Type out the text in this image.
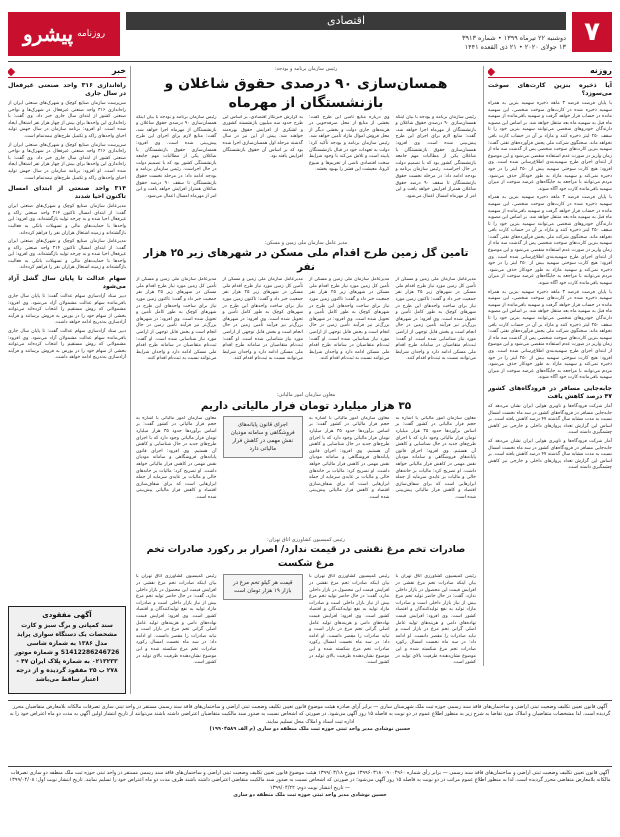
۷
اقتصادی
دوشنبه ۲۲ تیرماه ۱۳۹۹ • شماره ۳۹۱۳
۱۳ جولای ۲۰۲۰ • ۲۱ ذی القعده ۱۴۴۱
روزنامه
پیشرو
روزنه
آیا ذخیره بنزین کارت‌های سوخت می‌سوزد؟

با پایان فرصت قرضه ۳ ماهه ذخیره سهمیه بنزین به همراه سهمیه ذخیره شده در کارت‌های سوخت شخصی، این سهمیه مانده در حساب قرار خواهد گرفت و سهمیه باقی‌مانده از سهمیه ماه قبل به سهمیه ماه بعد منتقل خواهد شد. بر اساس این مصوبه دارندگان خودروهای شخصی می‌توانند سهمیه بنزین خود را تا سقف ۲۵۰ لیتر ذخیره کنند و مازاد بر آن در حساب کارت باقی نخواهد ماند. سخنگوی شرکت ملی پخش فرآورده‌های نفتی گفت: سهمیه بنزین کارت‌های سوخت شخصی پس از گذشت سه ماه از زمان واریز در صورت عدم استفاده منقضی می‌شود و این موضوع از ابتدای اجرای طرح سهمیه‌بندی اطلاع‌رسانی شده است. وی افزود: هیچ کارت سوختی سهمیه بیش از ۲۵۰ لیتر را در خود ذخیره نمی‌کند و سهمیه مازاد به طور خودکار حذف می‌شود. مردم می‌توانند با مراجعه به جایگاه‌های عرضه سوخت از میزان سهمیه باقی‌مانده کارت خود آگاه شوند.

با پایان فرصت قرضه ۳ ماهه ذخیره سهمیه بنزین به همراه سهمیه ذخیره شده در کارت‌های سوخت شخصی، این سهمیه مانده در حساب قرار خواهد گرفت و سهمیه باقی‌مانده از سهمیه ماه قبل به سهمیه ماه بعد منتقل خواهد شد. بر اساس این مصوبه دارندگان خودروهای شخصی می‌توانند سهمیه بنزین خود را تا سقف ۲۵۰ لیتر ذخیره کنند و مازاد بر آن در حساب کارت باقی نخواهد ماند. سخنگوی شرکت ملی پخش فرآورده‌های نفتی گفت: سهمیه بنزین کارت‌های سوخت شخصی پس از گذشت سه ماه از زمان واریز در صورت عدم استفاده منقضی می‌شود و این موضوع از ابتدای اجرای طرح سهمیه‌بندی اطلاع‌رسانی شده است. وی افزود: هیچ کارت سوختی سهمیه بیش از ۲۵۰ لیتر را در خود ذخیره نمی‌کند و سهمیه مازاد به طور خودکار حذف می‌شود. مردم می‌توانند با مراجعه به جایگاه‌های عرضه سوخت از میزان سهمیه باقی‌مانده کارت خود آگاه شوند.

با پایان فرصت قرضه ۳ ماهه ذخیره سهمیه بنزین به همراه سهمیه ذخیره شده در کارت‌های سوخت شخصی، این سهمیه مانده در حساب قرار خواهد گرفت و سهمیه باقی‌مانده از سهمیه ماه قبل به سهمیه ماه بعد منتقل خواهد شد. بر اساس این مصوبه دارندگان خودروهای شخصی می‌توانند سهمیه بنزین خود را تا سقف ۲۵۰ لیتر ذخیره کنند و مازاد بر آن در حساب کارت باقی نخواهد ماند. سخنگوی شرکت ملی پخش فرآورده‌های نفتی گفت: سهمیه بنزین کارت‌های سوخت شخصی پس از گذشت سه ماه از زمان واریز در صورت عدم استفاده منقضی می‌شود و این موضوع از ابتدای اجرای طرح سهمیه‌بندی اطلاع‌رسانی شده است. وی افزود: هیچ کارت سوختی سهمیه بیش از ۲۵۰ لیتر را در خود ذخیره نمی‌کند و سهمیه مازاد به طور خودکار حذف می‌شود. مردم می‌توانند با مراجعه به جایگاه‌های عرضه سوخت از میزان سهمیه باقی‌مانده کارت خود آگاه شوند.

جابه‌جایی مسافر در فرودگاه‌های کشور ۴۷ درصد کاهش یافت

آمار شرکت فرودگاه‌ها و ناوبری هوایی ایران نشان می‌دهد که جابه‌جایی مسافر در فرودگاه‌های کشور در سه ماه نخست امسال نسبت به مدت مشابه سال گذشته ۴۷ درصد کاهش یافته است. بر اساس این گزارش تعداد پروازهای داخلی و خارجی نیز کاهش چشمگیری داشته است.

آمار شرکت فرودگاه‌ها و ناوبری هوایی ایران نشان می‌دهد که جابه‌جایی مسافر در فرودگاه‌های کشور در سه ماه نخست امسال نسبت به مدت مشابه سال گذشته ۴۷ درصد کاهش یافته است. بر اساس این گزارش تعداد پروازهای داخلی و خارجی نیز کاهش چشمگیری داشته است.

خبر
راه‌اندازی ۳۱۶ واحد صنعتی غیرفعال در سال جاری

سرپرست سازمان صنایع کوچک و شهرک‌های صنعتی ایران از راه‌اندازی ۳۱۶ واحد صنعتی غیرفعال در شهرک‌ها و نواحی صنعتی کشور از ابتدای سال جاری خبر داد. وی گفت: با راه‌اندازی این واحدها برای بیش از چهار هزار نفر اشتغال ایجاد شده است. او افزود: برنامه سازمان در سال جهش تولید احیای واحدهای راکد و تکمیل طرح‌های نیمه‌تمام است.

سرپرست سازمان صنایع کوچک و شهرک‌های صنعتی ایران از راه‌اندازی ۳۱۶ واحد صنعتی غیرفعال در شهرک‌ها و نواحی صنعتی کشور از ابتدای سال جاری خبر داد. وی گفت: با راه‌اندازی این واحدها برای بیش از چهار هزار نفر اشتغال ایجاد شده است. او افزود: برنامه سازمان در سال جهش تولید احیای واحدهای راکد و تکمیل طرح‌های نیمه‌تمام است.

۳۱۴ واحد صنعتی از ابتدای امسال تاکنون احیا شدند

مدیرعامل سازمان صنایع کوچک و شهرک‌های صنعتی ایران گفت: از ابتدای امسال تاکنون ۳۱۴ واحد صنعتی راکد و غیرفعال احیا شده و به چرخه تولید بازگشته‌اند. وی افزود: این واحدها با حمایت‌های مالی و تسهیلات بانکی به فعالیت بازگشته‌اند و زمینه اشتغال هزاران نفر را فراهم کرده‌اند.

مدیرعامل سازمان صنایع کوچک و شهرک‌های صنعتی ایران گفت: از ابتدای امسال تاکنون ۳۱۴ واحد صنعتی راکد و غیرفعال احیا شده و به چرخه تولید بازگشته‌اند. وی افزود: این واحدها با حمایت‌های مالی و تسهیلات بانکی به فعالیت بازگشته‌اند و زمینه اشتغال هزاران نفر را فراهم کرده‌اند.

سهام عدالت تا پایان سال گشل آزاد می‌شود

دبیر ستاد آزادسازی سهام عدالت گفت: تا پایان سال جاری باقی‌مانده سهام عدالت مشمولان آزاد می‌شود. وی افزود: مشمولانی که روش مستقیم را انتخاب کرده‌اند می‌توانند بخشی از سهام خود را در بورس به فروش برسانند و فرآیند آزادسازی به‌تدریج ادامه خواهد داشت.

دبیر ستاد آزادسازی سهام عدالت گفت: تا پایان سال جاری باقی‌مانده سهام عدالت مشمولان آزاد می‌شود. وی افزود: مشمولانی که روش مستقیم را انتخاب کرده‌اند می‌توانند بخشی از سهام خود را در بورس به فروش برسانند و فرآیند آزادسازی به‌تدریج ادامه خواهد داشت.

آگهی مفقودی
سند کمپانی و برگ سبز و کارت مشخصات یک دستگاه سواری پراید مدل ۱۳۸۶ به شماره شاسی S1412286246726 و شماره موتور ۰۲۱۳۲۳۳ به شماره پلاک ایران ۴۷ - ۲۷۸ ب ۲۵ مفقود گردیده و از درجه اعتبار ساقط می‌باشد
رئیس سازمان برنامه و بودجه:
همسان‌سازی ۹۰ درصدی حقوق شاغلان و بازنشستگان از مهرماه
رئیس سازمان برنامه و بودجه با بیان اینکه همسان‌سازی ۹۰ درصدی حقوق شاغلان و بازنشستگان از مهرماه اجرا خواهد شد، گفت: منابع لازم برای اجرای این طرح پیش‌بینی شده است. وی افزود: همسان‌سازی حقوق بازنشستگان با شاغلان یکی از مطالبات مهم جامعه بازنشستگی کشور بود که با تصمیم دولت در حال اجراست. رئیس سازمان برنامه و بودجه ادامه داد: در مرحله نخست حقوق بازنشستگان تا سقف ۹۰ درصد حقوق شاغلان همتراز افزایش خواهد یافت و این امر از مهرماه امسال اعمال می‌شود.
وی درباره منابع تأمین این طرح گفت: بخشی از منابع از محل صرفه‌جویی در هزینه‌های جاری دولت و بخشی دیگر از محل فروش اموال مازاد تأمین خواهد شد. رئیس سازمان برنامه و بودجه تأکید کرد: دولت به تعهدات خود در قبال بازنشستگان پایبند است و تلاش می‌کند با وجود شرایط سخت اقتصادی ناشی از تحریم‌ها و شیوع کرونا، معیشت این قشر را بهبود بخشد.
به گزارش خبرنگار اقتصادی، بر اساس این طرح حدود سه میلیون بازنشسته کشوری و لشکری از افزایش حقوق بهره‌مند خواهند شد. پیش از این نیز در سال گذشته مرحله اول همسان‌سازی اجرا شده بود که بر اساس آن حقوق بازنشستگان افزایش یافته بود.
رئیس سازمان برنامه و بودجه با بیان اینکه همسان‌سازی ۹۰ درصدی حقوق شاغلان و بازنشستگان از مهرماه اجرا خواهد شد، گفت: منابع لازم برای اجرای این طرح پیش‌بینی شده است. وی افزود: همسان‌سازی حقوق بازنشستگان با شاغلان یکی از مطالبات مهم جامعه بازنشستگی کشور بود که با تصمیم دولت در حال اجراست. رئیس سازمان برنامه و بودجه ادامه داد: در مرحله نخست حقوق بازنشستگان تا سقف ۹۰ درصد حقوق شاغلان همتراز افزایش خواهد یافت و این امر از مهرماه امسال اعمال می‌شود.
مدیر عامل سازمان ملی زمین و مسکن:
تامین گل زمین طرح اقدام ملی مسکن در شهرهای زیر ۲۵ هزار نفر
مدیرعامل سازمان ملی زمین و مسکن از تأمین کل زمین مورد نیاز طرح اقدام ملی مسکن در شهرهای زیر ۲۵ هزار نفر جمعیت خبر داد و گفت: تاکنون زمین مورد نیاز برای ساخت واحدهای این طرح در شهرهای کوچک به طور کامل تأمین و تحویل شده است. وی افزود: در شهرهای بزرگ‌تر نیز فرآیند تأمین زمین در حال انجام است و بخش قابل توجهی از اراضی مورد نیاز شناسایی شده است. او گفت: ثبت‌نام متقاضیان در سامانه طرح اقدام ملی مسکن ادامه دارد و واجدان شرایط می‌توانند نسبت به ثبت‌نام اقدام کنند.
مدیرعامل سازمان ملی زمین و مسکن از تأمین کل زمین مورد نیاز طرح اقدام ملی مسکن در شهرهای زیر ۲۵ هزار نفر جمعیت خبر داد و گفت: تاکنون زمین مورد نیاز برای ساخت واحدهای این طرح در شهرهای کوچک به طور کامل تأمین و تحویل شده است. وی افزود: در شهرهای بزرگ‌تر نیز فرآیند تأمین زمین در حال انجام است و بخش قابل توجهی از اراضی مورد نیاز شناسایی شده است. او گفت: ثبت‌نام متقاضیان در سامانه طرح اقدام ملی مسکن ادامه دارد و واجدان شرایط می‌توانند نسبت به ثبت‌نام اقدام کنند.
مدیرعامل سازمان ملی زمین و مسکن از تأمین کل زمین مورد نیاز طرح اقدام ملی مسکن در شهرهای زیر ۲۵ هزار نفر جمعیت خبر داد و گفت: تاکنون زمین مورد نیاز برای ساخت واحدهای این طرح در شهرهای کوچک به طور کامل تأمین و تحویل شده است. وی افزود: در شهرهای بزرگ‌تر نیز فرآیند تأمین زمین در حال انجام است و بخش قابل توجهی از اراضی مورد نیاز شناسایی شده است. او گفت: ثبت‌نام متقاضیان در سامانه طرح اقدام ملی مسکن ادامه دارد و واجدان شرایط می‌توانند نسبت به ثبت‌نام اقدام کنند.
مدیرعامل سازمان ملی زمین و مسکن از تأمین کل زمین مورد نیاز طرح اقدام ملی مسکن در شهرهای زیر ۲۵ هزار نفر جمعیت خبر داد و گفت: تاکنون زمین مورد نیاز برای ساخت واحدهای این طرح در شهرهای کوچک به طور کامل تأمین و تحویل شده است. وی افزود: در شهرهای بزرگ‌تر نیز فرآیند تأمین زمین در حال انجام است و بخش قابل توجهی از اراضی مورد نیاز شناسایی شده است. او گفت: ثبت‌نام متقاضیان در سامانه طرح اقدام ملی مسکن ادامه دارد و واجدان شرایط می‌توانند نسبت به ثبت‌نام اقدام کنند.
معاون سازمان امور مالیاتی:
۳۵ هزار میلیارد تومان فرار مالیاتی داریم
معاون سازمان امور مالیاتی با اشاره به حجم فرار مالیاتی در کشور گفت: بر اساس برآوردها حدود ۳۵ هزار میلیارد تومان فرار مالیاتی وجود دارد که با اجرای طرح‌های جدید در حال شناسایی و کاهش آن هستیم. وی افزود: اجرای قانون پایانه‌های فروشگاهی و سامانه مودیان نقش مهمی در کاهش فرار مالیاتی خواهد داشت. او تصریح کرد: مالیات بر خانه‌های خالی و مالیات بر عایدی سرمایه از جمله ابزارهایی است که برای شفاف‌سازی اقتصاد و کاهش فرار مالیاتی پیش‌بینی شده است.
معاون سازمان امور مالیاتی با اشاره به حجم فرار مالیاتی در کشور گفت: بر اساس برآوردها حدود ۳۵ هزار میلیارد تومان فرار مالیاتی وجود دارد که با اجرای طرح‌های جدید در حال شناسایی و کاهش آن هستیم. وی افزود: اجرای قانون پایانه‌های فروشگاهی و سامانه مودیان نقش مهمی در کاهش فرار مالیاتی خواهد داشت. او تصریح کرد: مالیات بر خانه‌های خالی و مالیات بر عایدی سرمایه از جمله ابزارهایی است که برای شفاف‌سازی اقتصاد و کاهش فرار مالیاتی پیش‌بینی شده است.
اجرای قانون پایانه‌های فروشگاهی و سامانه مودیان نقش مهمی در کاهش فرار مالیاتی دارد
معاون سازمان امور مالیاتی با اشاره به حجم فرار مالیاتی در کشور گفت: بر اساس برآوردها حدود ۳۵ هزار میلیارد تومان فرار مالیاتی وجود دارد که با اجرای طرح‌های جدید در حال شناسایی و کاهش آن هستیم. وی افزود: اجرای قانون پایانه‌های فروشگاهی و سامانه مودیان نقش مهمی در کاهش فرار مالیاتی خواهد داشت. او تصریح کرد: مالیات بر خانه‌های خالی و مالیات بر عایدی سرمایه از جمله ابزارهایی است که برای شفاف‌سازی اقتصاد و کاهش فرار مالیاتی پیش‌بینی شده است.
رئیس کمیسیون کشاورزی اتاق تهران:
صادرات تخم مرغ نقشی در قیمت ندارد/ اصرار بر رکورد صادرات تخم مرغ شکست
رئیس کمیسیون کشاورزی اتاق تهران با بیان اینکه صادرات تخم مرغ نقشی در افزایش قیمت این محصول در بازار داخلی ندارد، گفت: در حال حاضر تولید تخم مرغ بیش از نیاز بازار داخلی است و صادرات مازاد تولید به نفع تولیدکنندگان و اقتصاد کشور است. وی افزود: افزایش قیمت نهاده‌های دامی و هزینه‌های تولید عامل اصلی گرانی تخم مرغ در بازار است و نباید صادرات را مقصر دانست. او ادامه داد: در سه ماه نخست امسال رکورد صادرات تخم مرغ شکسته شده و این موضوع نشان‌دهنده ظرفیت بالای تولید در کشور است.
رئیس کمیسیون کشاورزی اتاق تهران با بیان اینکه صادرات تخم مرغ نقشی در افزایش قیمت این محصول در بازار داخلی ندارد، گفت: در حال حاضر تولید تخم مرغ بیش از نیاز بازار داخلی است و صادرات مازاد تولید به نفع تولیدکنندگان و اقتصاد کشور است. وی افزود: افزایش قیمت نهاده‌های دامی و هزینه‌های تولید عامل اصلی گرانی تخم مرغ در بازار است و نباید صادرات را مقصر دانست. او ادامه داد: در سه ماه نخست امسال رکورد صادرات تخم مرغ شکسته شده و این موضوع نشان‌دهنده ظرفیت بالای تولید در کشور است.
قیمت هر کیلو تخم مرغ در بازار ۱۹ هزار تومان است
رئیس کمیسیون کشاورزی اتاق تهران با بیان اینکه صادرات تخم مرغ نقشی در افزایش قیمت این محصول در بازار داخلی ندارد، گفت: در حال حاضر تولید تخم مرغ بیش از نیاز بازار داخلی است و صادرات مازاد تولید به نفع تولیدکنندگان و اقتصاد کشور است. وی افزود: افزایش قیمت نهاده‌های دامی و هزینه‌های تولید عامل اصلی گرانی تخم مرغ در بازار است و نباید صادرات را مقصر دانست. او ادامه داد: در سه ماه نخست امسال رکورد صادرات تخم مرغ شکسته شده و این موضوع نشان‌دهنده ظرفیت بالای تولید در کشور است.
آگهی قانون تعیین تکلیف وضعیت ثبتی اراضی و ساختمان‌های فاقد سند رسمی حوزه ثبت ملک شهرستان ساری — برابر آرای صادره هیئت موضوع قانون تعیین تکلیف وضعیت ثبتی اراضی و ساختمان‌های فاقد سند رسمی مستقر در واحد ثبتی ساری تصرفات مالکانه بلامعارض متقاضیان محرز گردیده است. لذا مشخصات متقاضیان و املاک مورد تقاضا به شرح زیر به منظور اطلاع عموم در دو نوبت به فاصله ۱۵ روز آگهی می‌شود. در صورتی که اشخاص نسبت به صدور سند مالکیت متقاضیان اعتراضی داشته باشند می‌توانند از تاریخ انتشار اولین آگهی به مدت دو ماه اعتراض خود را به اداره ثبت اسناد و املاک محل تسلیم نمایند.
حسین نوشادی مدیر واحد ثبتی حوزه ثبت ملک منطقه دو ساری (م الف ۱۹۹۰۴۵۸۹)
آگهی قانون تعیین تکلیف وضعیت ثبتی اراضی و ساختمان‌های فاقد سند رسمی — برابر رأی شماره ۱۳۹۹۶۰۳۱۸۰۰۹۰۰۴۹۶۰ مورخ ۱۳۹۹/۰۳/۱۸ هیئت موضوع قانون تعیین تکلیف وضعیت ثبتی اراضی و ساختمان‌های فاقد سند رسمی مستقر در واحد ثبتی حوزه ثبت ملک منطقه دو ساری تصرفات مالکانه بلامعارض متقاضی محرز گردیده است. لذا به منظور اطلاع عموم مراتب در دو نوبت به فاصله ۱۵ روز آگهی می‌شود؛ در صورتی که اشخاص نسبت به صدور سند مالکیت متقاضی اعتراضی داشته باشند ظرف مدت دو ماه اعتراض خود را تسلیم نمایند. تاریخ انتشار نوبت اول: ۱۳۹۹/۰۴/۰۸ — تاریخ انتشار نوبت دوم: ۱۳۹۹/۰۴/۲۲
حسین نوشادی مدیر واحد ثبتی حوزه ثبت ملک منطقه دو ساری
